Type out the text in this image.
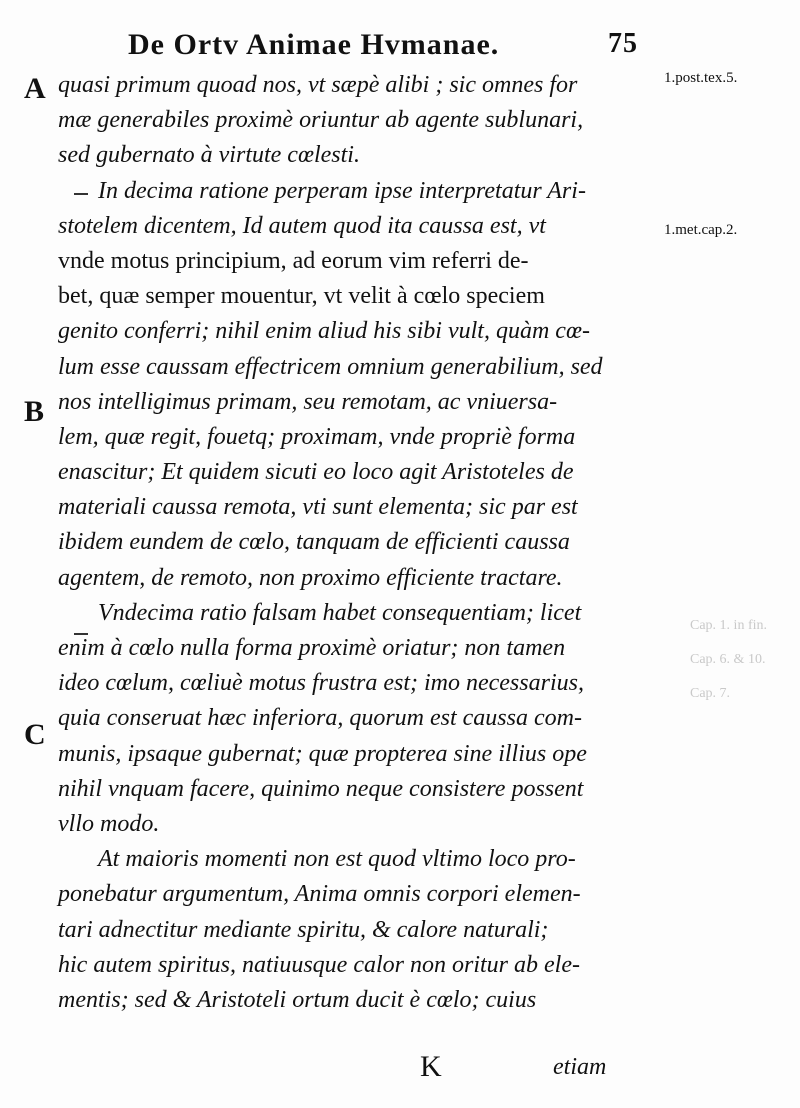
De Ortv Animae Hvmanae.	75
quasi primum quoad nos, vt sæpè alibi ; sic omnes for
mæ generabiles proximè oriuntur ab agente sublunari,
sed gubernato à virtute cœlesti.
In decima ratione perperam ipse interpretatur Ari-
stotelem dicentem, Id autem quod ita caussa est, vt
vnde motus principium, ad eorum vim referri de-
bet, quæ semper mouentur, vt velit à cœlo speciem
genito conferri; nihil enim aliud his sibi vult, quàm cœ-
lum esse caussam effectricem omnium generabilium, sed
nos intelligimus primam, seu remotam, ac vniuersa-
lem, quæ regit, fouetq; proximam, vnde propriè forma
enascitur; Et quidem sicuti eo loco agit Aristoteles de
materiali caussa remota, vti sunt elementa; sic par est
ibidem eundem de cœlo, tanquam de efficienti caussa
agentem, de remoto, non proximo efficiente tractare.
Vndecima ratio falsam habet consequentiam; licet
enim à cœlo nulla forma proximè oriatur; non tamen
ideo cœlum, cœliuè motus frustra est; imo necessarius,
quia conseruat hæc inferiora, quorum est caussa com-
munis, ipsaque gubernat; quæ propterea sine illius ope
nihil vnquam facere, quinimo neque consistere possent
vllo modo.
At maioris momenti non est quod vltimo loco pro-
ponebatur argumentum, Anima omnis corpori elemen-
tari adnectitur mediante spiritu, & calore naturali;
hic autem spiritus, natiuusque calor non oritur ab ele-
mentis; sed & Aristoteli ortum ducit è cœlo; cuius
A
B
C
1.post.tex.5.
1.met.cap.2.
Cap. 1. in fin.
Cap. 6. & 10.
Cap. 7.
K	etiam
